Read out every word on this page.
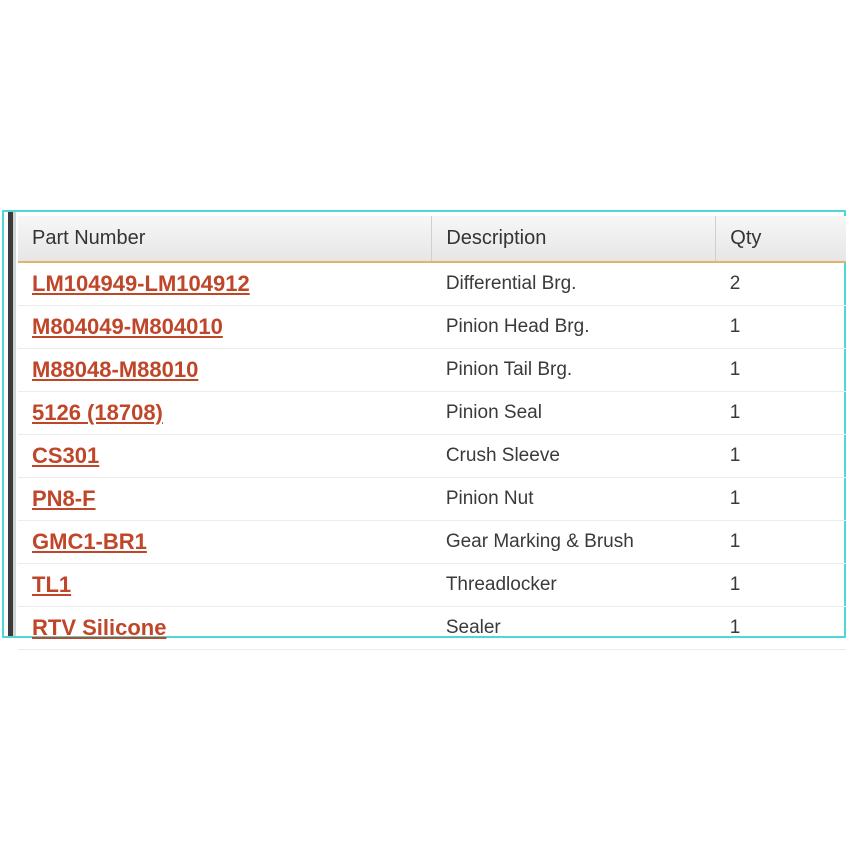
Part Number	Description	Qty
LM104949-LM104912	Differential Brg.	2
M804049-M804010	Pinion Head Brg.	1
M88048-M88010	Pinion Tail Brg.	1
5126 (18708)	Pinion Seal	1
CS301	Crush Sleeve	1
PN8-F	Pinion Nut	1
GMC1-BR1	Gear Marking & Brush	1
TL1	Threadlocker	1
RTV Silicone	Sealer	1
